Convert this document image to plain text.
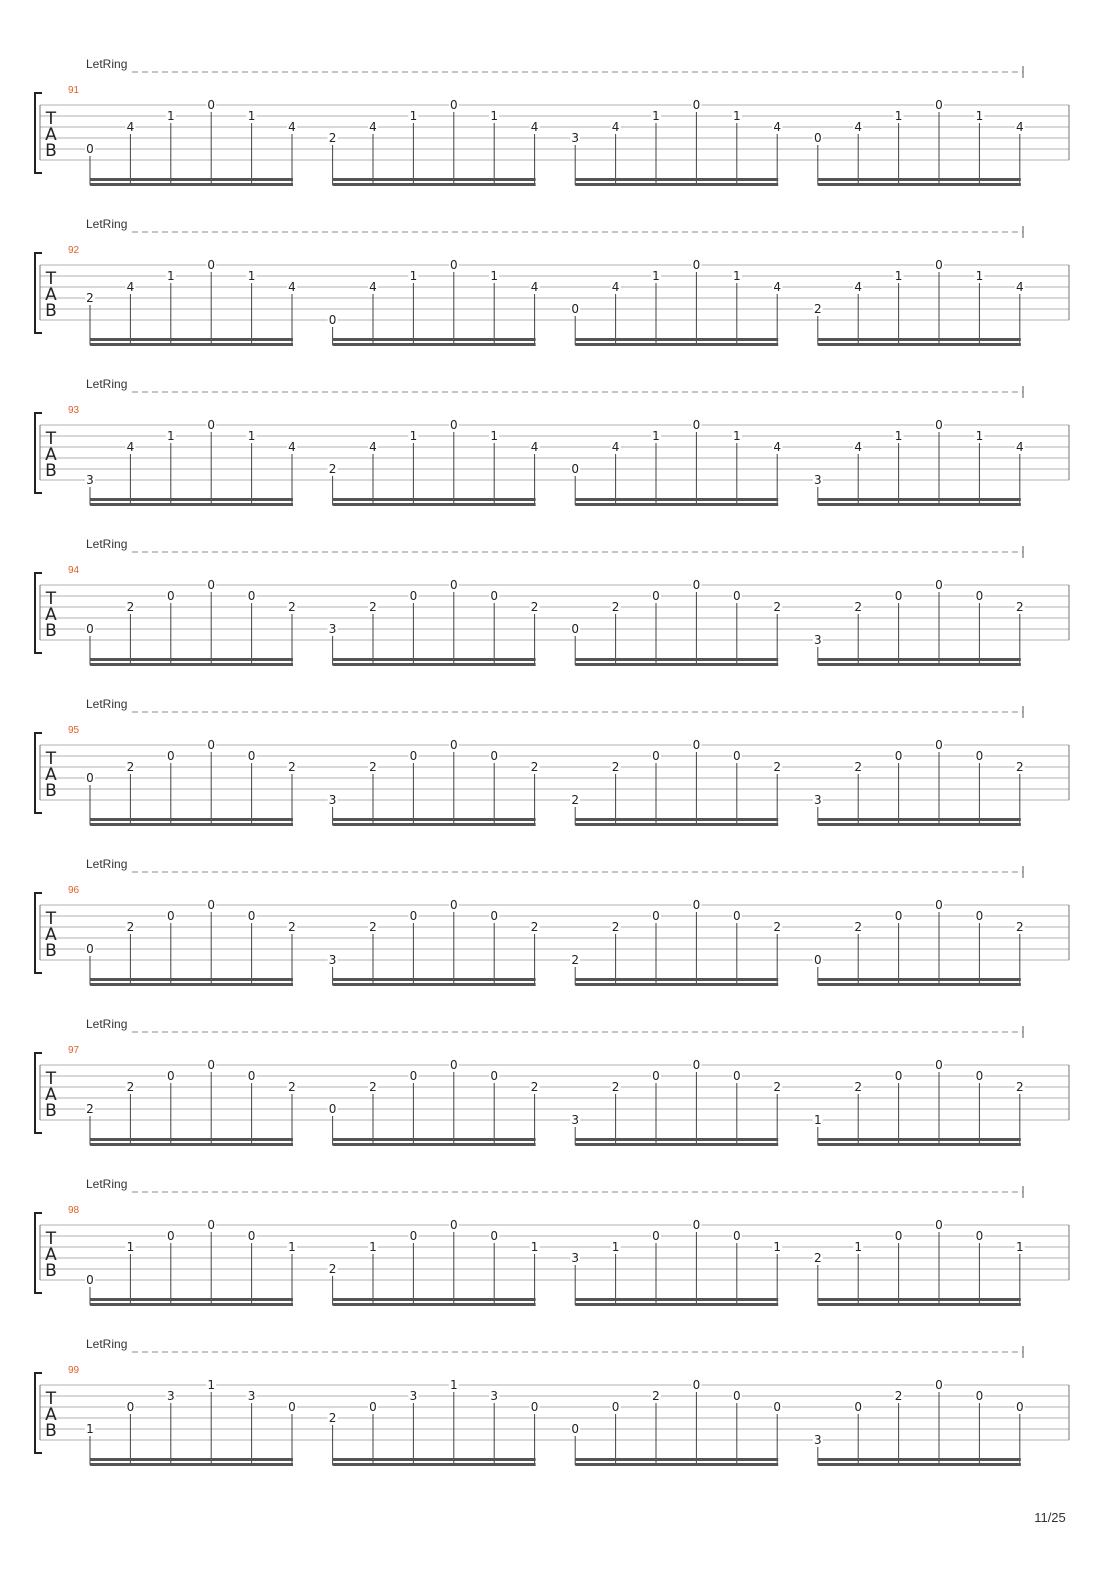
LetRing
91
T
A
B 0
4
1
0
1
4
2
4
1
0
1
4
3
4
1
0
1
4
0
4
1
0
1
4
LetRing
92
T
A
B
2
4
1
0
1
4
0
4
1
0
1
4
0
4
1
0
1
4
2
4
1
0
1
4
LetRing
93
T
A
B 3
4
1
0
1
4
2
4
1
0
1
4
0
4
1
0
1
4
3
4
1
0
1
4
LetRing
94
T
A
B 0
2
0
0
0
2
3
2
0
0
0
2
0
2
0
0
0
2
3
2
0
0
0
2
LetRing
95
T
A
B
0
2
0
0
0
2
3
2
0
0
0
2
2
2
0
0
0
2
3
2
0
0
0
2
LetRing
96
T
A
B 0
2
0
0
0
2
3
2
0
0
0
2
2
2
0
0
0
2
0
2
0
0
0
2
LetRing
97
T
A
B 2
2
0
0
0
2
0
2
0
0
0
2
3
2
0
0
0
2
1
2
0
0
0
2
LetRing
98
T
A
B 0
1
0
0
0
1
2
1
0
0
0
1
3
1
0
0
0
1
2
1
0
0
0
1
LetRing
99
T
A
B 1
0
3
1
3
0
2
0
3
1
3
0
0
0
2
0
0
0
3
0
2
0
0
0
11/25
